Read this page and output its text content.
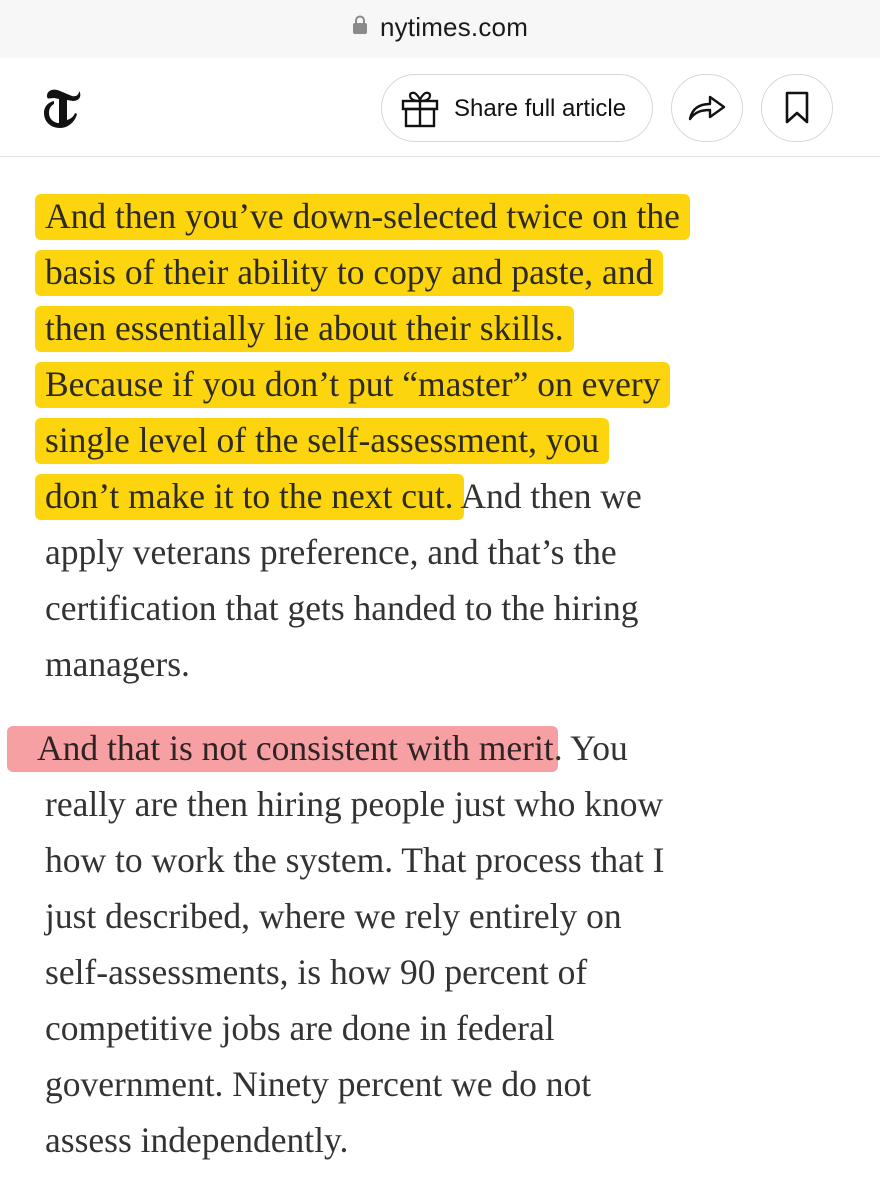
nytimes.com
Share full article

And then you’ve down-selected twice on the
basis of their ability to copy and paste, and
then essentially lie about their skills.
Because if you don’t put “master” on every
single level of the self-assessment, you
don’t make it to the next cut. And then we
apply veterans preference, and that’s the
certification that gets handed to the hiring
managers.

And that is not consistent with merit. You
really are then hiring people just who know
how to work the system. That process that I
just described, where we rely entirely on
self-assessments, is how 90 percent of
competitive jobs are done in federal
government. Ninety percent we do not
assess independently.
